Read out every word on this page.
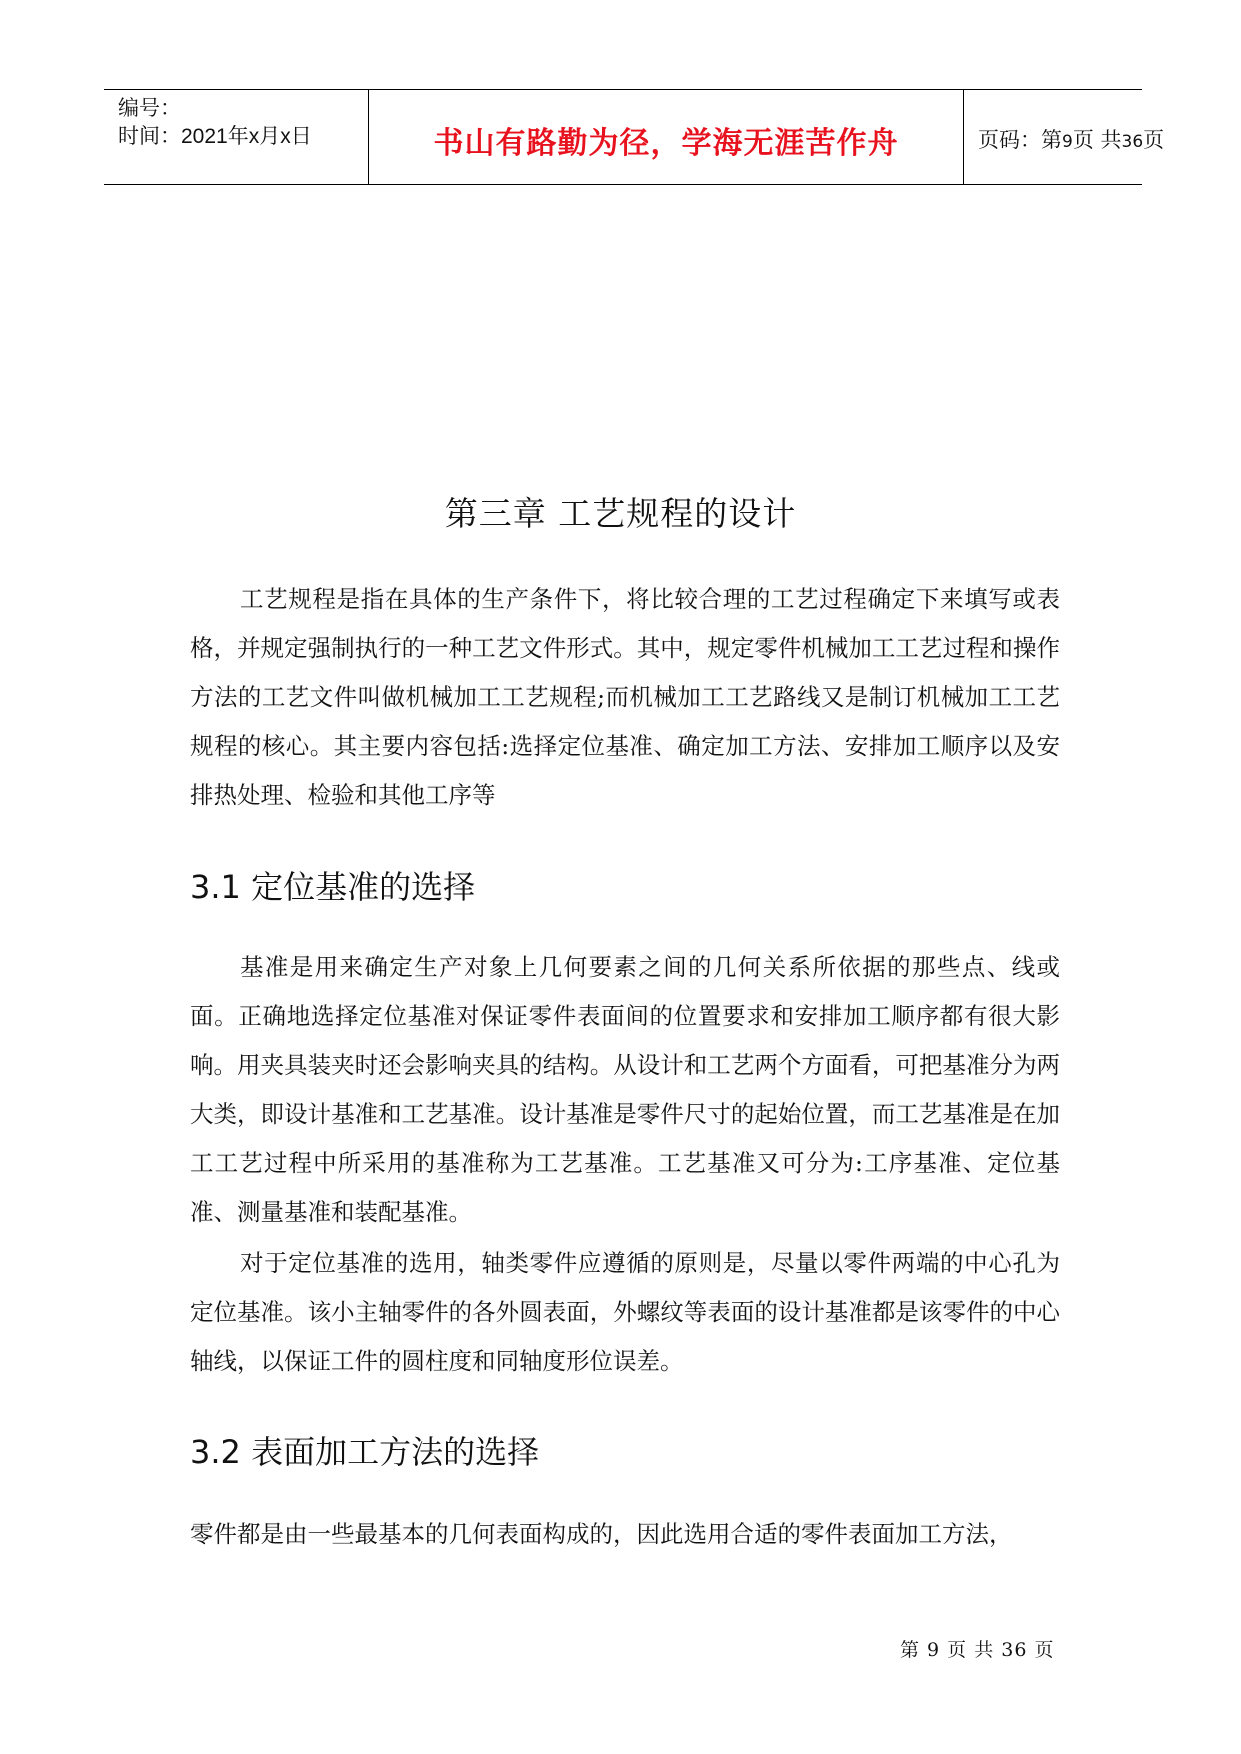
编号：
时间：2021年x月x日	书山有路勤为径，学海无涯苦作舟	页码：第9页 共36页
第三章 工艺规程的设计
工艺规程是指在具体的生产条件下，将比较合理的工艺过程确定下来填写或表格，并规定强制执行的一种工艺文件形式。其中，规定零件机械加工工艺过程和操作方法的工艺文件叫做机械加工工艺规程;而机械加工工艺路线又是制订机械加工工艺规程的核心。其主要内容包括:选择定位基准、确定加工方法、安排加工顺序以及安排热处理、检验和其他工序等
3.1 定位基准的选择
基准是用来确定生产对象上几何要素之间的几何关系所依据的那些点、线或面。正确地选择定位基准对保证零件表面间的位置要求和安排加工顺序都有很大影响。用夹具装夹时还会影响夹具的结构。从设计和工艺两个方面看，可把基准分为两大类，即设计基准和工艺基准。设计基准是零件尺寸的起始位置，而工艺基准是在加工工艺过程中所采用的基准称为工艺基准。工艺基准又可分为:工序基准、定位基准、测量基准和装配基准。
对于定位基准的选用，轴类零件应遵循的原则是，尽量以零件两端的中心孔为定位基准。该小主轴零件的各外圆表面，外螺纹等表面的设计基准都是该零件的中心轴线，以保证工件的圆柱度和同轴度形位误差。
3.2 表面加工方法的选择
零件都是由一些最基本的几何表面构成的，因此选用合适的零件表面加工方法，
第 9 页 共 36 页
